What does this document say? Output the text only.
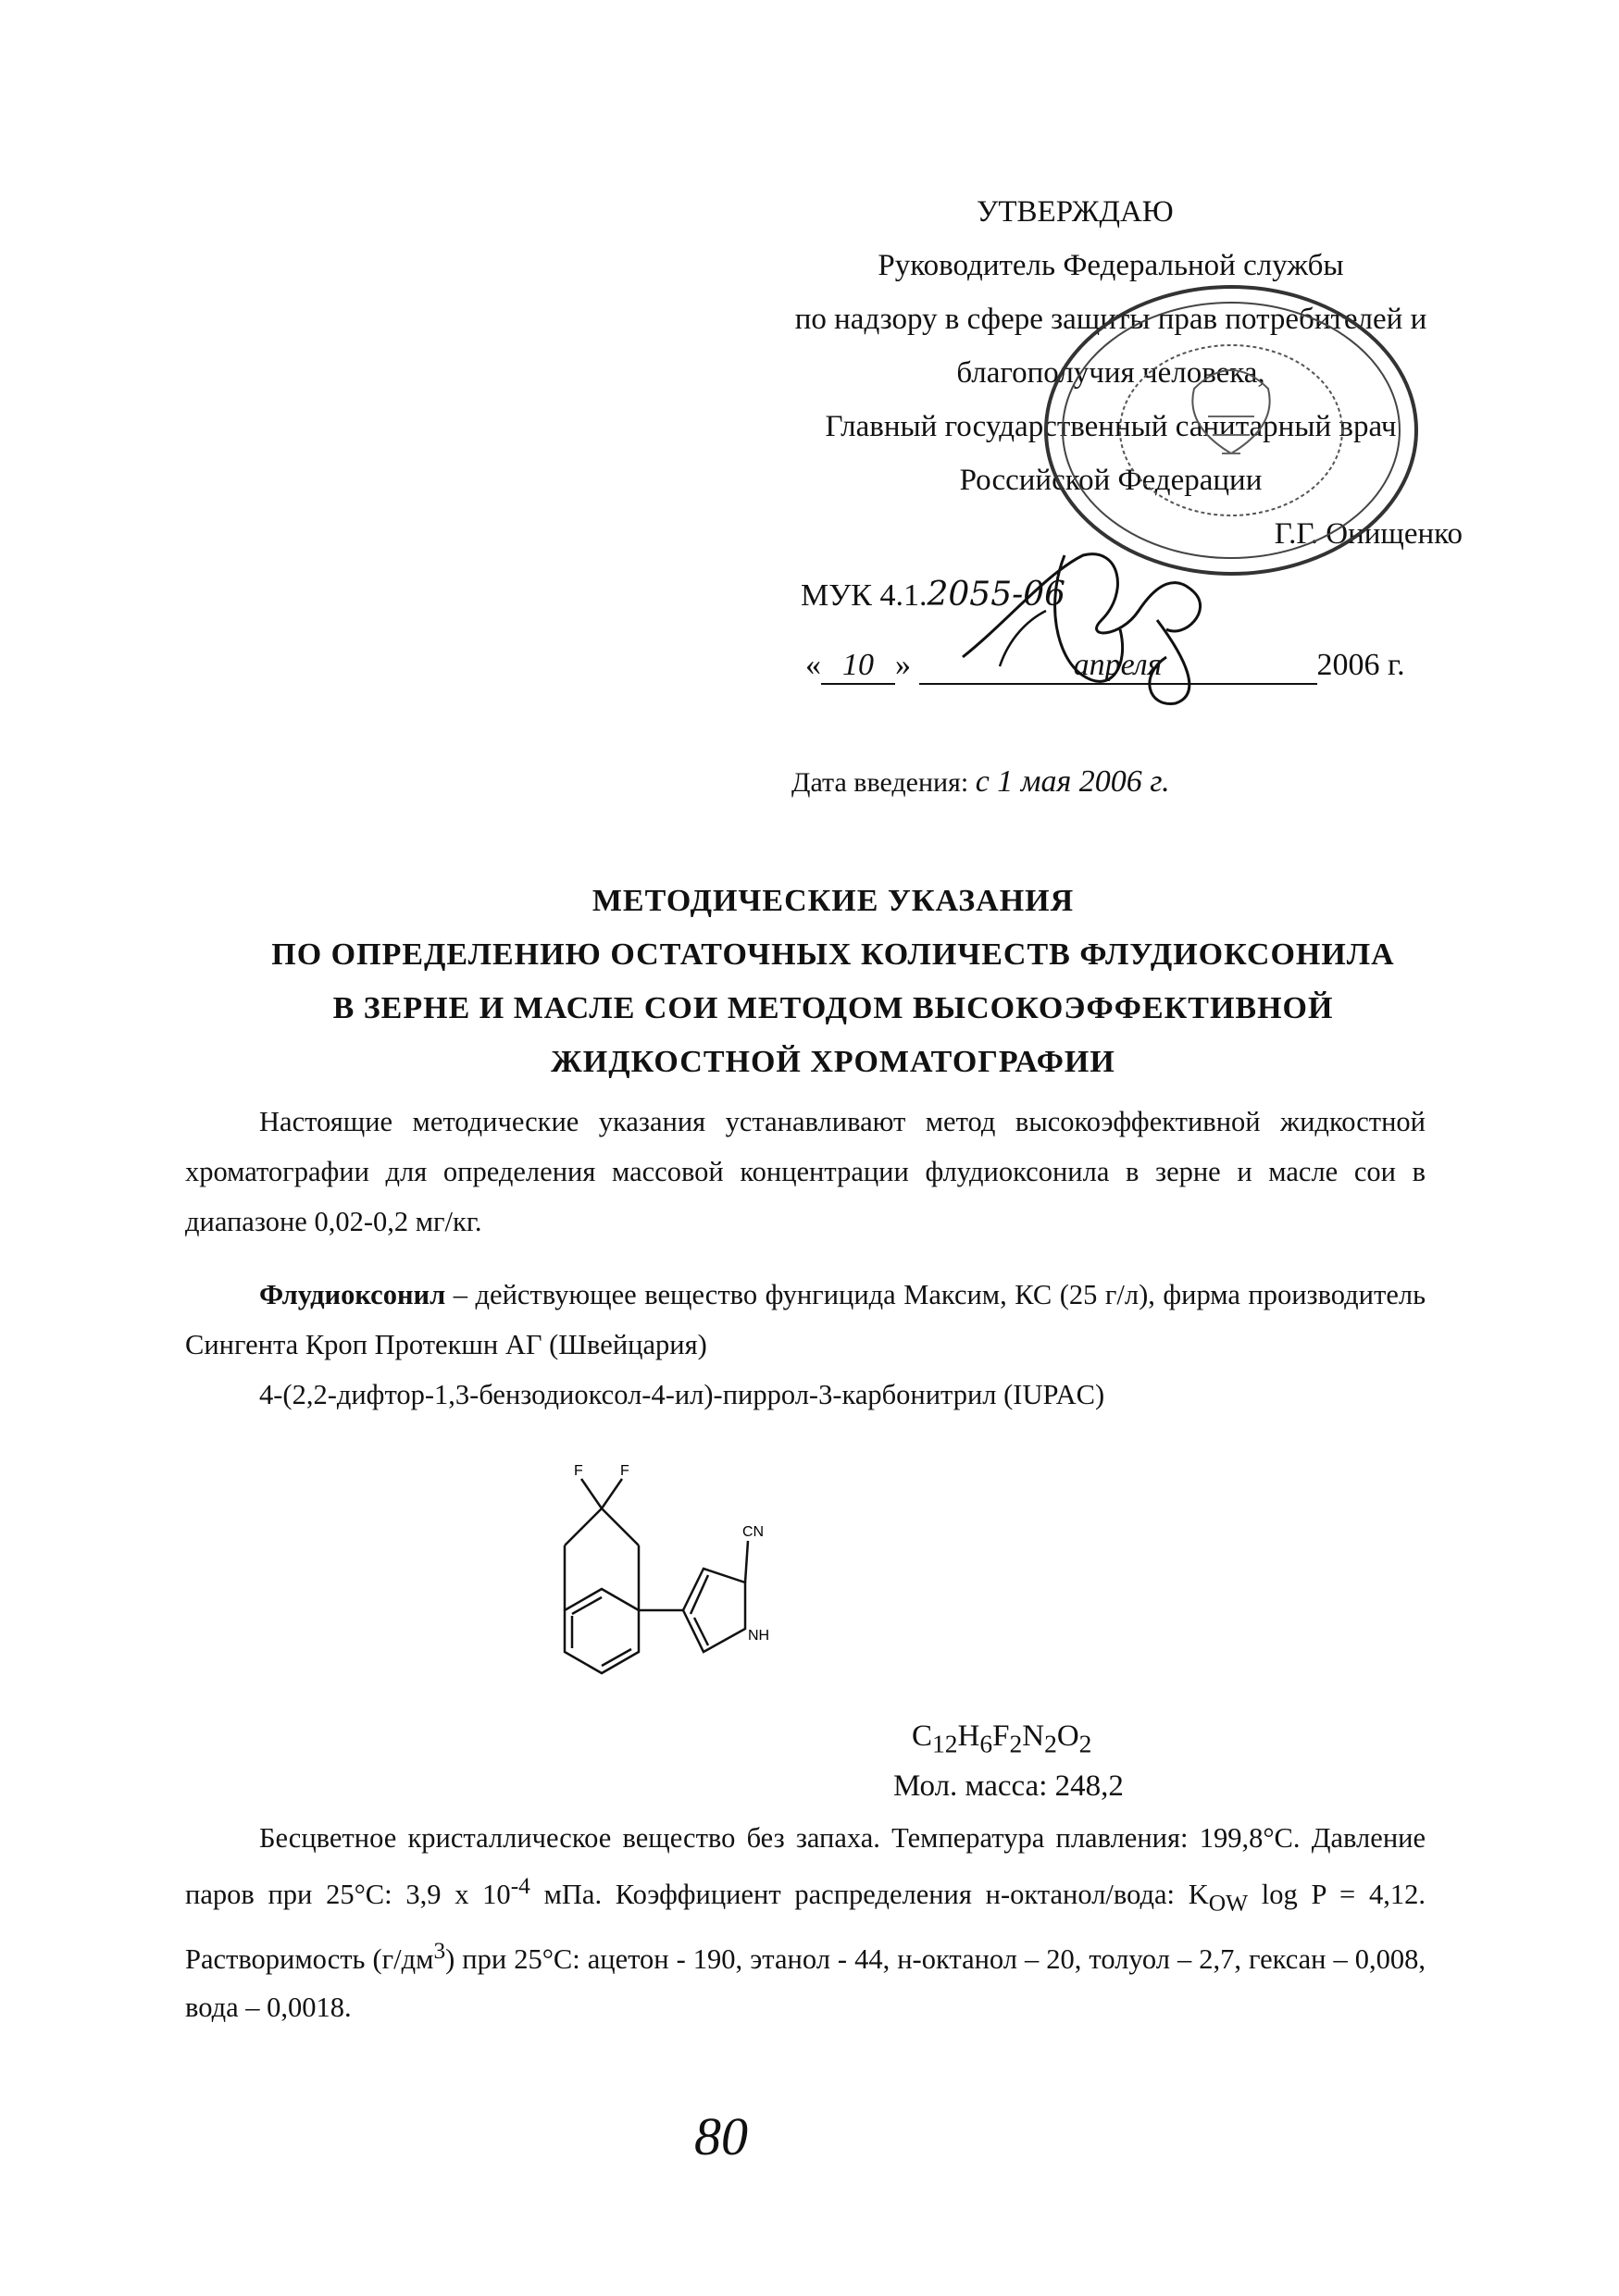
УТВЕРЖДАЮ
Руководитель Федеральной службы
по надзору в сфере защиты прав потребителей и
благополучия человека,
Главный государственный санитарный врач
Российской Федерации
Г.Г. Онищенко
МУК 4.1.2055-06
« 10 »	апреля	2006 г.
Дата введения: с 1 мая 2006 г.
МЕТОДИЧЕСКИЕ УКАЗАНИЯ
ПО ОПРЕДЕЛЕНИЮ ОСТАТОЧНЫХ КОЛИЧЕСТВ ФЛУДИОКСОНИЛА
В ЗЕРНЕ И МАСЛЕ СОИ МЕТОДОМ ВЫСОКОЭФФЕКТИВНОЙ
ЖИДКОСТНОЙ ХРОМАТОГРАФИИ
Настоящие методические указания устанавливают метод высокоэффективной жидкостной хроматографии для определения массовой концентрации флудиоксонила в зерне и масле сои в диапазоне 0,02-0,2 мг/кг.
Флудиоксонил – действующее вещество фунгицида Максим, КС (25 г/л), фирма производитель Сингента Кроп Протекшн АГ (Швейцария)
4-(2,2-дифтор-1,3-бензодиоксол-4-ил)-пиррол-3-карбонитрил (IUPAC)
F	F
CN
NH
$C_{12}H_6F_2N_2O_2$
Мол. масса: 248,2
Бесцветное кристаллическое вещество без запаха. Температура плавления: 199,8°С. Давление паров при 25°С: 3,9 х $10^{-4}$ мПа. Коэффициент распределения н-октанол/вода: $K_{OW}$ log P = 4,12. Растворимость $(г/дм^3)$ при 25°С: ацетон - 190, этанол - 44, н-октанол – 20, толуол – 2,7, гексан – 0,008, вода – 0,0018.
80
